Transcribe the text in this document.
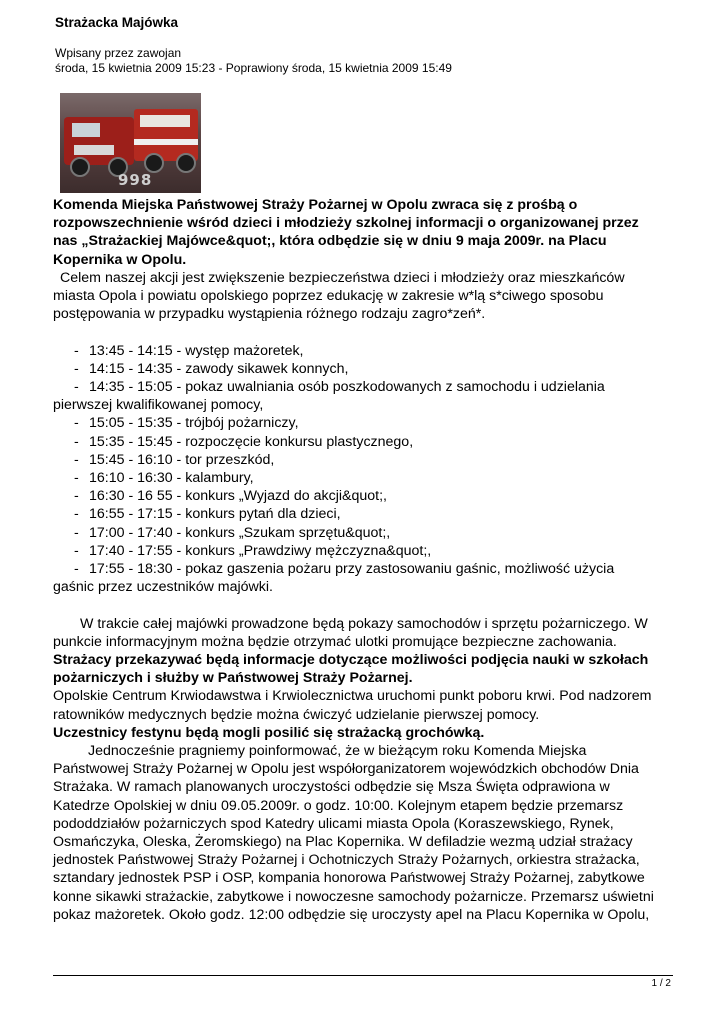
Strażacka Majówka
Wpisany przez zawojan
środa, 15 kwietnia 2009 15:23 - Poprawiony środa, 15 kwietnia 2009 15:49
998

Komenda Miejska Państwowej Straży Pożarnej w Opolu zwraca się z prośbą o

rozpowszechnienie wśród dzieci i młodzieży szkolnej informacji o organizowanej przez

nas „Strażackiej Majówce&quot;, która odbędzie się w dniu 9 maja 2009r. na Placu

Kopernika w Opolu.

Celem naszej akcji jest zwiększenie bezpieczeństwa dzieci i młodzieży oraz mieszkańców

miasta Opola i powiatu opolskiego poprzez edukację w zakresie w*lą s*ciwego sposobu

postępowania w przypadku wystąpienia różnego rodzaju zagro*zeń*.

- 13:45 - 14:15 - występ mażoretek,

- 14:15 - 14:35 - zawody sikawek konnych,

- 14:35 - 15:05 - pokaz uwalniania osób poszkodowanych z samochodu i udzielania

pierwszej kwalifikowanej pomocy,

- 15:05 - 15:35 - trójbój pożarniczy,

- 15:35 - 15:45 - rozpoczęcie konkursu plastycznego,

- 15:45 - 16:10 - tor przeszkód,

- 16:10 - 16:30 - kalambury,

- 16:30 - 16 55 - konkurs „Wyjazd do akcji&quot;,

- 16:55 - 17:15 - konkurs pytań dla dzieci,

- 17:00 - 17:40 - konkurs „Szukam sprzętu&quot;,

- 17:40 - 17:55 - konkurs „Prawdziwy mężczyzna&quot;,

- 17:55 - 18:30 - pokaz gaszenia pożaru przy zastosowaniu gaśnic, możliwość użycia

gaśnic przez uczestników majówki.

W trakcie całej majówki prowadzone będą pokazy samochodów i sprzętu pożarniczego. W

punkcie informacyjnym można będzie otrzymać ulotki promujące bezpieczne zachowania.

Strażacy przekazywać będą informacje dotyczące możliwości podjęcia nauki w szkołach

pożarniczych i służby w Państwowej Straży Pożarnej.

Opolskie Centrum Krwiodawstwa i Krwiolecznictwa uruchomi punkt poboru krwi. Pod nadzorem

ratowników medycznych będzie można ćwiczyć udzielanie pierwszej pomocy.

Uczestnicy festynu będą mogli posilić się strażacką grochówką.

Jednocześnie pragniemy poinformować, że w bieżącym roku Komenda Miejska

Państwowej Straży Pożarnej w Opolu jest współorganizatorem wojewódzkich obchodów Dnia

Strażaka. W ramach planowanych uroczystości odbędzie się Msza Święta odprawiona w

Katedrze Opolskiej w dniu 09.05.2009r. o godz. 10:00. Kolejnym etapem będzie przemarsz

pododdziałów pożarniczych spod Katedry ulicami miasta Opola (Koraszewskiego, Rynek,

Osmańczyka, Oleska, Żeromskiego) na Plac Kopernika. W defiladzie wezmą udział strażacy

jednostek Państwowej Straży Pożarnej i Ochotniczych Straży Pożarnych, orkiestra strażacka,

sztandary jednostek PSP i OSP, kompania honorowa Państwowej Straży Pożarnej, zabytkowe

konne sikawki strażackie, zabytkowe i nowoczesne samochody pożarnicze. Przemarsz uświetni

pokaz mażoretek. Około godz. 12:00 odbędzie się uroczysty apel na Placu Kopernika w Opolu,

1 / 2
